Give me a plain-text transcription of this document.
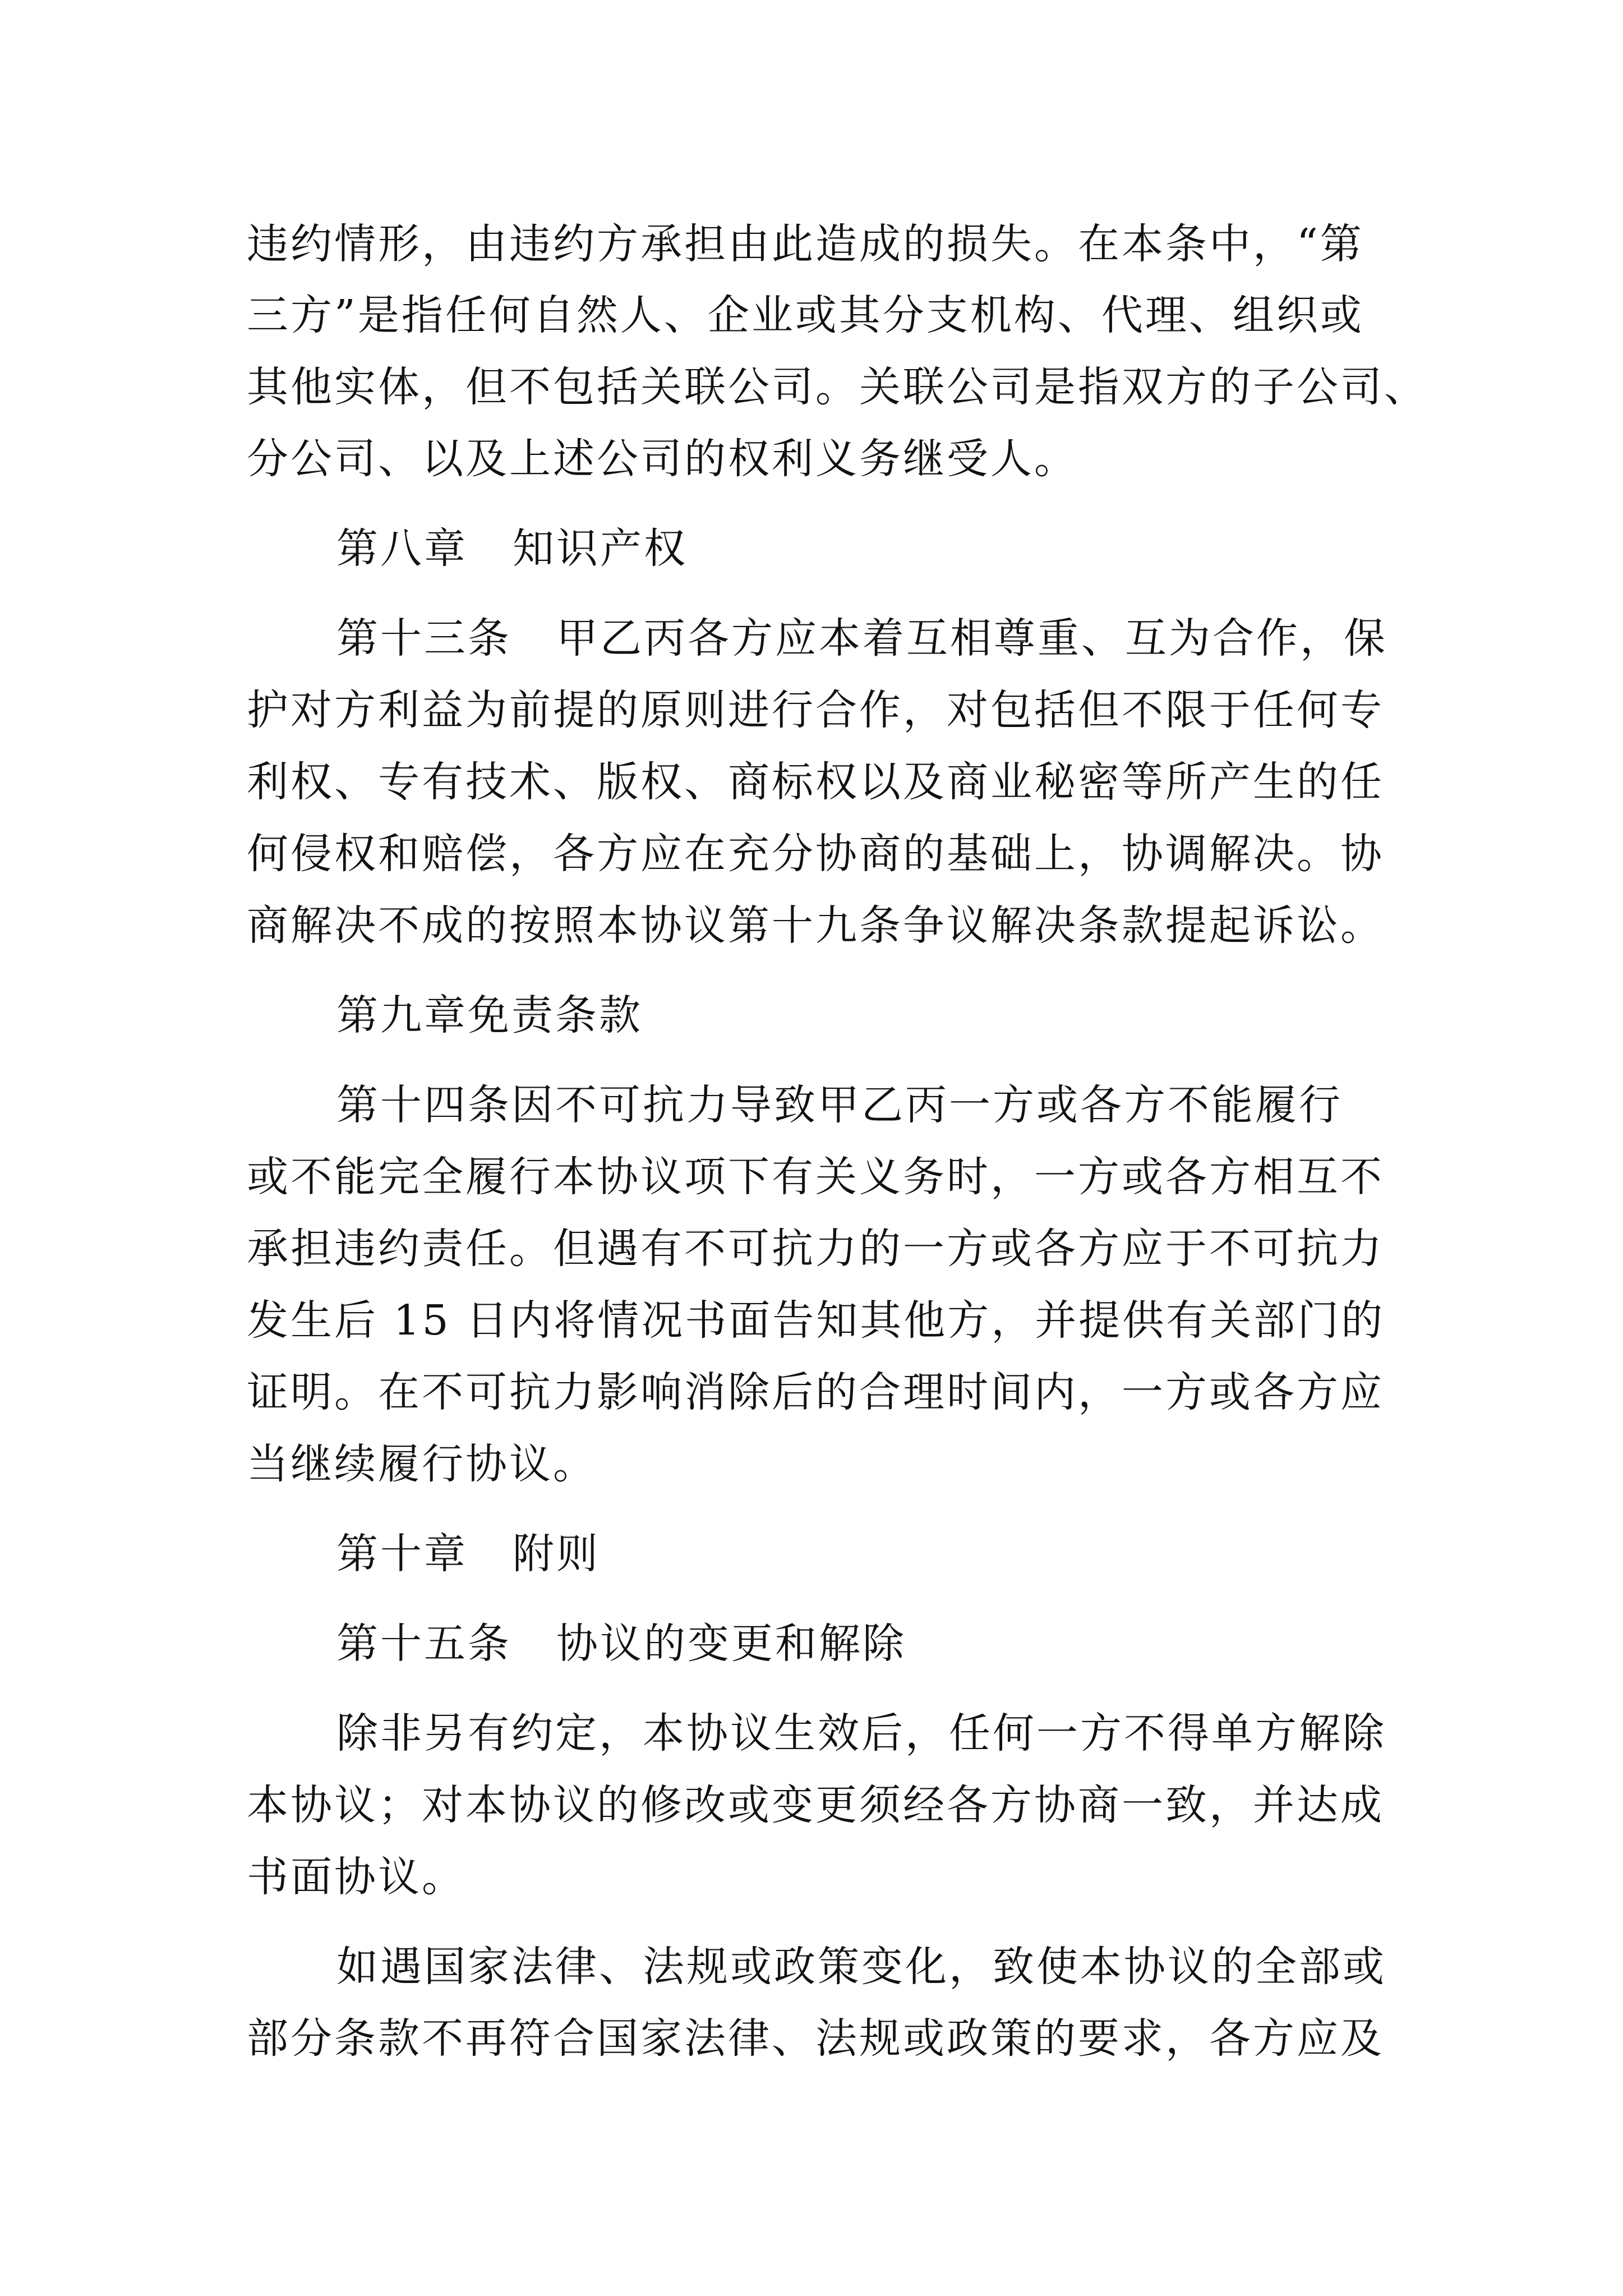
违约情形，由违约方承担由此造成的损失。在本条中，“第
三方”是指任何自然人、企业或其分支机构、代理、组织或
其他实体，但不包括关联公司。关联公司是指双方的子公司、
分公司、以及上述公司的权利义务继受人。
第八章 知识产权
第十三条 甲乙丙各方应本着互相尊重、互为合作，保
护对方利益为前提的原则进行合作，对包括但不限于任何专
利权、专有技术、版权、商标权以及商业秘密等所产生的任
何侵权和赔偿，各方应在充分协商的基础上，协调解决。协
商解决不成的按照本协议第十九条争议解决条款提起诉讼。
第九章免责条款
第十四条因不可抗力导致甲乙丙一方或各方不能履行
或不能完全履行本协议项下有关义务时，一方或各方相互不
承担违约责任。但遇有不可抗力的一方或各方应于不可抗力
发生后 15 日内将情况书面告知其他方，并提供有关部门的
证明。在不可抗力影响消除后的合理时间内，一方或各方应
当继续履行协议。
第十章 附则
第十五条 协议的变更和解除
除非另有约定，本协议生效后，任何一方不得单方解除
本协议；对本协议的修改或变更须经各方协商一致，并达成
书面协议。
如遇国家法律、法规或政策变化，致使本协议的全部或
部分条款不再符合国家法律、法规或政策的要求，各方应及
